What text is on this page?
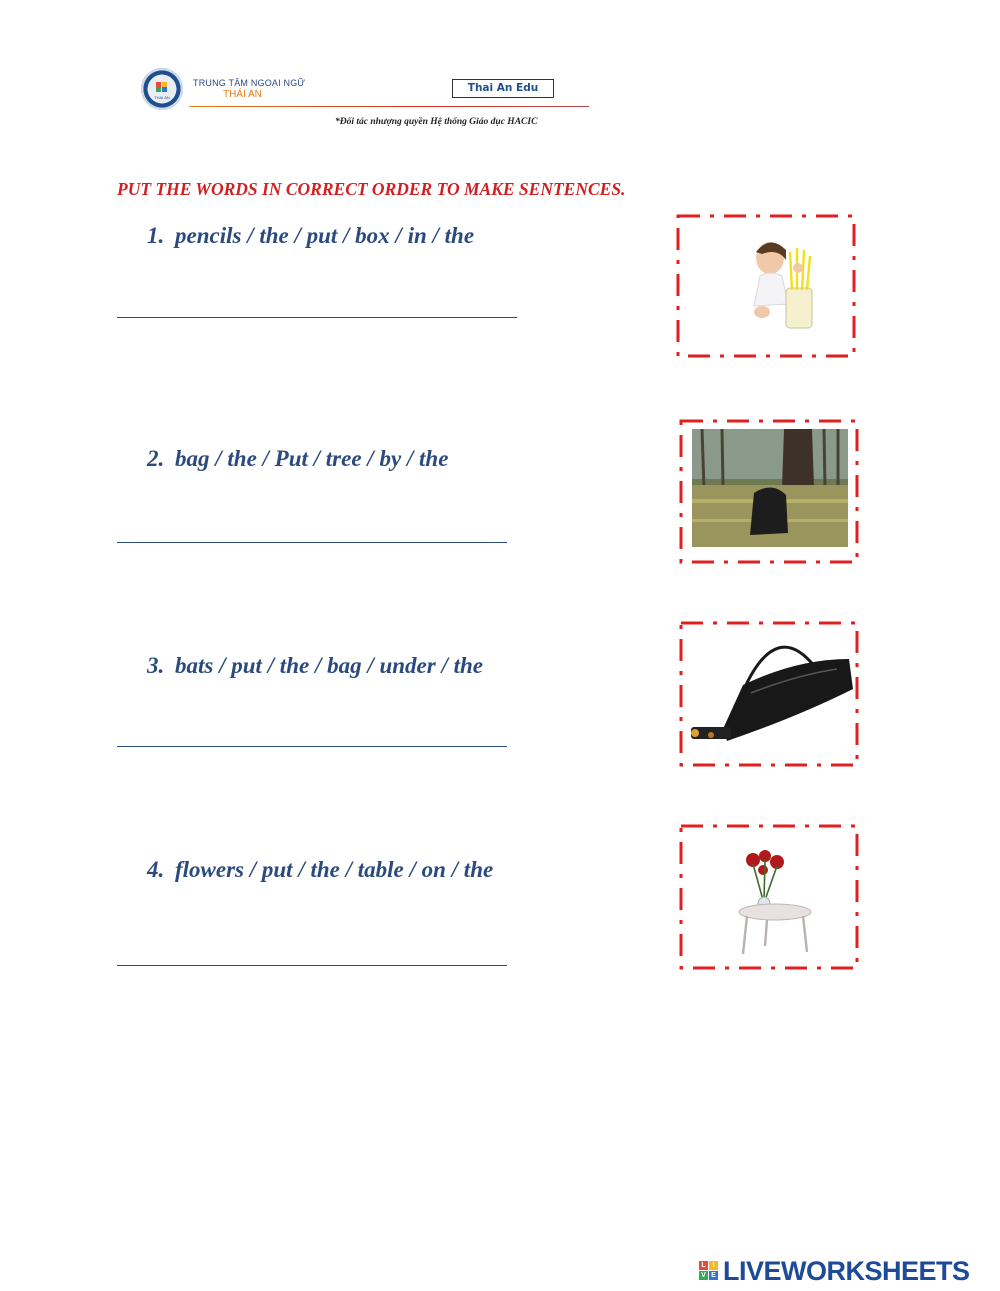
THAI AN
TRUNG TÂM NGOẠI NGỮ
THÁI AN
Thai An Edu
*Đối tác nhượng quyền Hệ thống Giáo dục HACIC
PUT THE WORDS IN CORRECT ORDER TO MAKE SENTENCES.
1. pencils / the / put / box / in / the
2. bag / the / Put / tree / by / the
3. bats / put / the / bag / under / the
4. flowers / put / the / table / on / the
L I
V E LIVEWORKSHEETS
